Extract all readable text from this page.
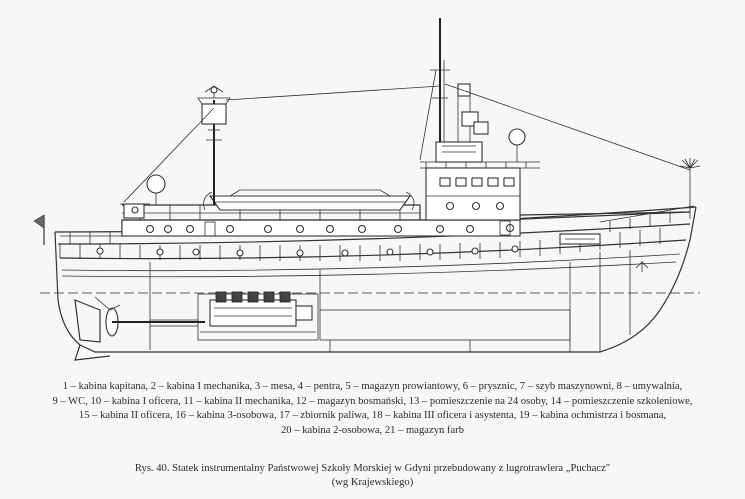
1 – kabina kapitana, 2 – kabina I mechanika, 3 – mesa, 4 – pentra, 5 – magazyn prowiantowy, 6 – prysznic, 7 – szyb maszynowni, 8 – umywalnia,
9 – WC, 10 – kabina I oficera, 11 – kabina II mechanika, 12 – magazyn bosmański, 13 – pomieszczenie na 24 osoby, 14 – pomieszczenie szkoleniowe,
15 – kabina II oficera, 16 – kabina 3-osobowa, 17 – zbiornik paliwa, 18 – kabina III oficera i asystenta, 19 – kabina ochmistrza i bosmana,
20 – kabina 2-osobowa, 21 – magazyn farb
Rys. 40. Statek instrumentalny Państwowej Szkoły Morskiej w Gdyni przebudowany z lugrotrawlera „Puchacz"
(wg Krajewskiego)
